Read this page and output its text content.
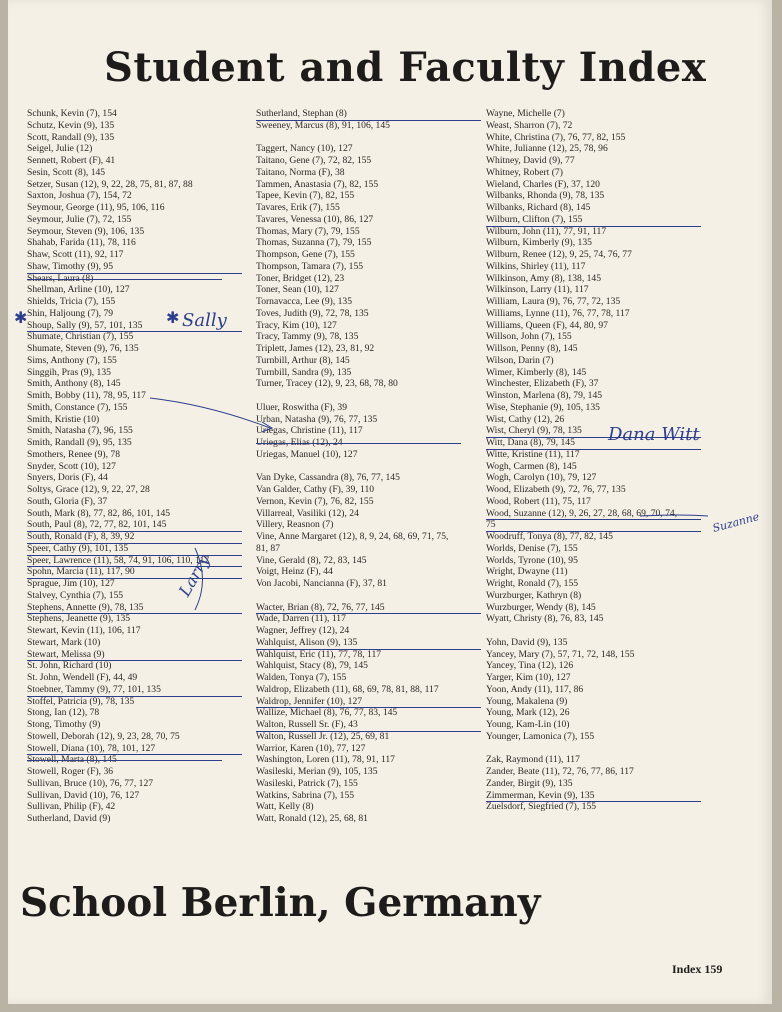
Student and Faculty Index
Schunk, Kevin (7), 154
Schutz, Kevin (9), 135
Scott, Randall (9), 135
Seigel, Julie (12)
Sennett, Robert (F), 41
Sesin, Scott (8), 145
Setzer, Susan (12), 9, 22, 28, 75, 81, 87, 88
Saxton, Joshua (7), 154, 72
Seymour, George (11), 95, 106, 116
Seymour, Julie (7), 72, 155
Seymour, Steven (9), 106, 135
Shahab, Farida (11), 78, 116
Shaw, Scott (11), 92, 117
Shaw, Timothy (9), 95
Shears, Laura (8)
Shellman, Arline (10), 127
Shields, Tricia (7), 155
Shin, Haljoung (7), 79
Shoup, Sally (9), 57, 101, 135
Shumate, Christian (7), 155
Shumate, Steven (9), 76, 135
Sims, Anthony (7), 155
Singgih, Pras (9), 135
Smith, Anthony (8), 145
Smith, Bobby (11), 78, 95, 117
Smith, Constance (7), 155
Smith, Kristie (10)
Smith, Natasha (7), 96, 155
Smith, Randall (9), 95, 135
Smothers, Renee (9), 78
Snyder, Scott (10), 127
Snyers, Doris (F), 44
Soltys, Grace (12), 9, 22, 27, 28
South, Gloria (F), 37
South, Mark (8), 77, 82, 86, 101, 145
South, Paul (8), 72, 77, 82, 101, 145
South, Ronald (F), 8, 39, 92
Speer, Cathy (9), 101, 135
Speer, Lawrence (11), 58, 74, 91, 106, 110, 117
Spohn, Marcia (11), 117, 90
Sprague, Jim (10), 127
Stalvey, Cynthia (7), 155
Stephens, Annette (9), 78, 135
Stephens, Jeanette (9), 135
Stewart, Kevin (11), 106, 117
Stewart, Mark (10)
Stewart, Melissa (9)
St. John, Richard (10)
St. John, Wendell (F), 44, 49
Stoebner, Tammy (9), 77, 101, 135
Stoffel, Patricia (9), 78, 135
Stong, Ian (12), 78
Stong, Timothy (9)
Stowell, Deborah (12), 9, 23, 28, 70, 75
Stowell, Diana (10), 78, 101, 127
Stowell, Marta (8), 145
Stowell, Roger (F), 36
Sullivan, Bruce (10), 76, 77, 127
Sullivan, David (10), 76, 127
Sullivan, Philip (F), 42
Sutherland, David (9)
Sutherland, Stephan (8)
Sweeney, Marcus (8), 91, 106, 145
Taggert, Nancy (10), 127
Taitano, Gene (7), 72, 82, 155
Taitano, Norma (F), 38
Tammen, Anastasia (7), 82, 155
Tapee, Kevin (7), 82, 155
Tavares, Erik (7), 155
Tavares, Venessa (10), 86, 127
Thomas, Mary (7), 79, 155
Thomas, Suzanna (7), 79, 155
Thompson, Gene (7), 155
Thompson, Tamara (7), 155
Toner, Bridget (12), 23
Toner, Sean (10), 127
Tornavacca, Lee (9), 135
Toves, Judith (9), 72, 78, 135
Tracy, Kim (10), 127
Tracy, Tammy (9), 78, 135
Triplett, James (12), 23, 81, 92
Turnbill, Arthur (8), 145
Turnbill, Sandra (9), 135
Turner, Tracey (12), 9, 23, 68, 78, 80
Uluer, Roswitha (F), 39
Urban, Natasha (9), 76, 77, 135
Uriegas, Christine (11), 117
Uriegas, Elias (12), 24
Uriegas, Manuel (10), 127
Van Dyke, Cassandra (8), 76, 77, 145
Van Galder, Cathy (F), 39, 110
Vernon, Kevin (7), 76, 82, 155
Villarreal, Vasiliki (12), 24
Villery, Reasnon (7)
Vine, Anne Margaret (12), 8, 9, 24, 68, 69, 71, 75,
81, 87
Vine, Gerald (8), 72, 83, 145
Voigt, Heinz (F), 44
Von Jacobi, Nancianna (F), 37, 81
Wacter, Brian (8), 72, 76, 77, 145
Wade, Darren (11), 117
Wagner, Jeffrey (12), 24
Wahlquist, Alison (9), 135
Wahlquist, Eric (11), 77, 78, 117
Wahlquist, Stacy (8), 79, 145
Walden, Tonya (7), 155
Waldrop, Elizabeth (11), 68, 69, 78, 81, 88, 117
Waldrop, Jennifer (10), 127
Wallize, Michael (8), 76, 77, 83, 145
Walton, Russell Sr. (F), 43
Walton, Russell Jr. (12), 25, 69, 81
Warrior, Karen (10), 77, 127
Washington, Loren (11), 78, 91, 117
Wasileski, Merian (9), 105, 135
Wasileski, Patrick (7), 155
Watkins, Sabrina (7), 155
Watt, Kelly (8)
Watt, Ronald (12), 25, 68, 81
Wayne, Michelle (7)
Weast, Sharron (7), 72
White, Christina (7), 76, 77, 82, 155
White, Julianne (12), 25, 78, 96
Whitney, David (9), 77
Whitney, Robert (7)
Wieland, Charles (F), 37, 120
Wilbanks, Rhonda (9), 78, 135
Wilbanks, Richard (8), 145
Wilburn, Clifton (7), 155
Wilburn, John (11), 77, 91, 117
Wilburn, Kimberly (9), 135
Wilburn, Renee (12), 9, 25, 74, 76, 77
Wilkins, Shirley (11), 117
Wilkinson, Amy (8), 138, 145
Wilkinson, Larry (11), 117
William, Laura (9), 76, 77, 72, 135
Williams, Lynne (11), 76, 77, 78, 117
Williams, Queen (F), 44, 80, 97
Willson, John (7), 155
Willson, Penny (8), 145
Wilson, Darin (7)
Wimer, Kimberly (8), 145
Winchester, Elizabeth (F), 37
Winston, Marlena (8), 79, 145
Wise, Stephanie (9), 105, 135
Wist, Cathy (12), 26
Wist, Cheryl (9), 78, 135
Witt, Dana (8), 79, 145
Witte, Kristine (11), 117
Wogh, Carmen (8), 145
Wogh, Carolyn (10), 79, 127
Wood, Elizabeth (9), 72, 76, 77, 135
Wood, Robert (11), 75, 117
Wood, Suzanne (12), 9, 26, 27, 28, 68, 69, 70, 74,
75
Woodruff, Tonya (8), 77, 82, 145
Worlds, Denise (7), 155
Worlds, Tyrone (10), 95
Wright, Dwayne (11)
Wright, Ronald (7), 155
Wurzburger, Kathryn (8)
Wurzburger, Wendy (8), 145
Wyatt, Christy (8), 76, 83, 145
Yohn, David (9), 135
Yancey, Mary (7), 57, 71, 72, 148, 155
Yancey, Tina (12), 126
Yarger, Kim (10), 127
Yoon, Andy (11), 117, 86
Young, Makalena (9)
Young, Mark (12), 26
Young, Kam-Lin (10)
Younger, Lamonica (7), 155
Zak, Raymond (11), 117
Zander, Beate (11), 72, 76, 77, 86, 117
Zander, Birgit (9), 135
Zimmerman, Kevin (9), 135
Zuelsdorf, Siegfried (7), 155
✱	✱ Sally
Larry
Dana Witt
Suzanne
School Berlin, Germany
Index 159
